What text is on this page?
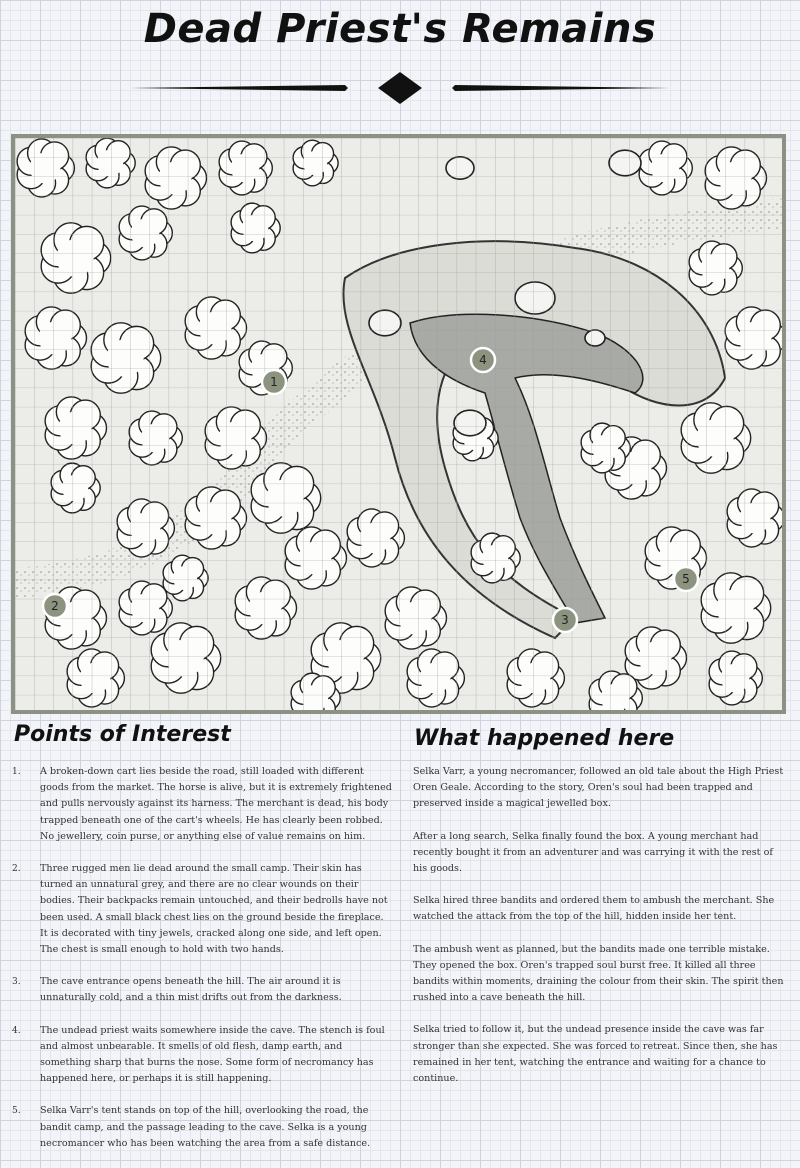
Dead Priest's Remains
1
2
3
4
5
Points of Interest	What happened here
1.	A broken-down cart lies beside the road, still loaded with different goods from the market. The horse is alive, but it is extremely frightened and pulls nervously against its harness. The merchant is dead, his body trapped beneath one of the cart's wheels. He has clearly been robbed. No jewellery, coin purse, or anything else of value remains on him.
2.	Three rugged men lie dead around the small camp. Their skin has turned an unnatural grey, and there are no clear wounds on their bodies. Their backpacks remain untouched, and their bedrolls have not been used. A small black chest lies on the ground beside the fireplace. It is decorated with tiny jewels, cracked along one side, and left open. The chest is small enough to hold with two hands.
3.	The cave entrance opens beneath the hill. The air around it is unnaturally cold, and a thin mist drifts out from the darkness.
4.	The undead priest waits somewhere inside the cave. The stench is foul and almost unbearable. It smells of old flesh, damp earth, and something sharp that burns the nose. Some form of necromancy has happened here, or perhaps it is still happening.
5.	Selka Varr's tent stands on top of the hill, overlooking the road, the bandit camp, and the passage leading to the cave. Selka is a young necromancer who has been watching the area from a safe distance.

Selka Varr, a young necromancer, followed an old tale about the High Priest Oren Geale. According to the story, Oren's soul had been trapped and preserved inside a magical jewelled box.

After a long search, Selka finally found the box. A young merchant had recently bought it from an adventurer and was carrying it with the rest of his goods.

Selka hired three bandits and ordered them to ambush the merchant. She watched the attack from the top of the hill, hidden inside her tent.

The ambush went as planned, but the bandits made one terrible mistake. They opened the box. Oren's trapped soul burst free. It killed all three bandits within moments, draining the colour from their skin. The spirit then rushed into a cave beneath the hill.

Selka tried to follow it, but the undead presence inside the cave was far stronger than she expected. She was forced to retreat. Since then, she has remained in her tent, watching the entrance and waiting for a chance to continue.
